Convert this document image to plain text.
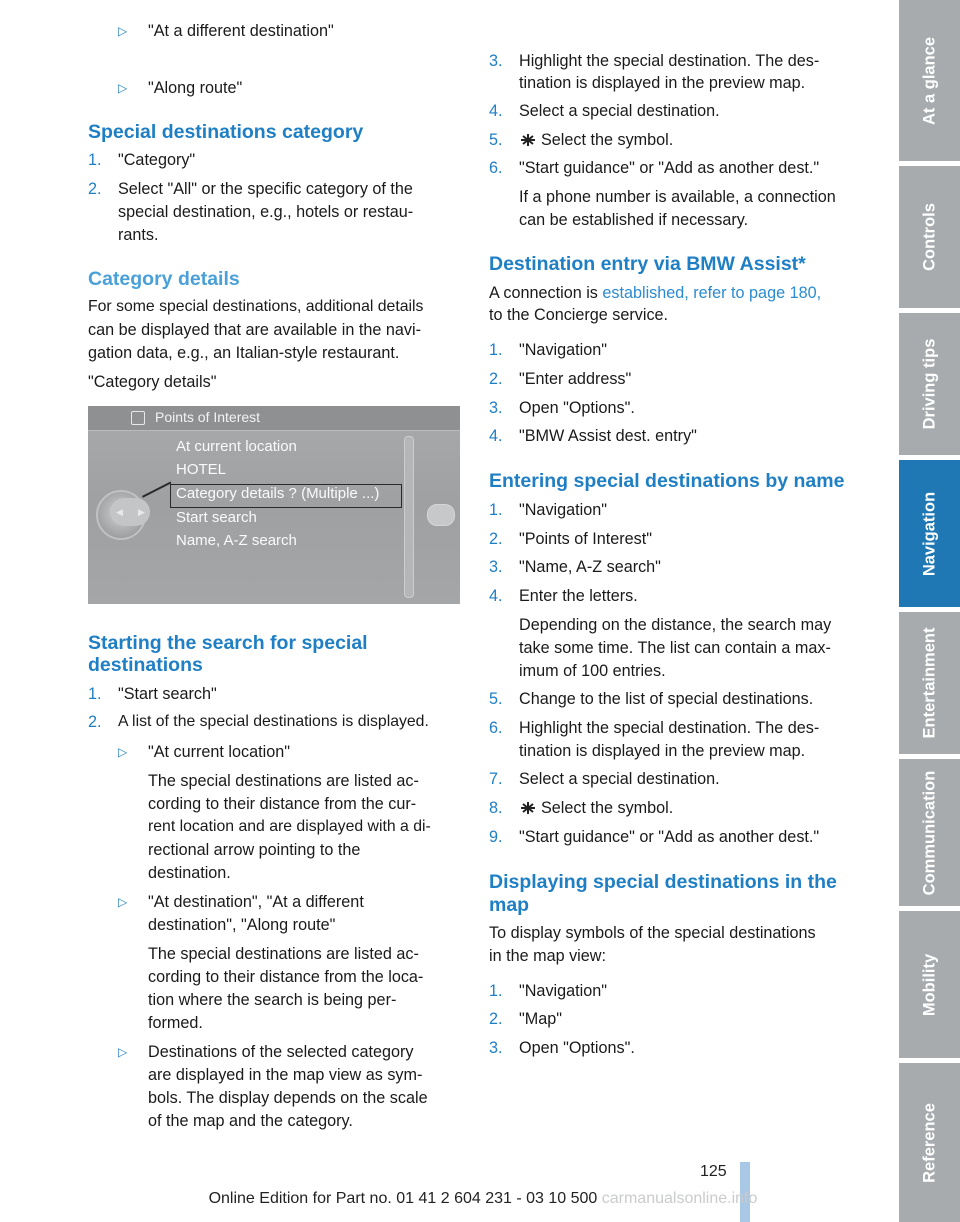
▷ "At a different destination"
▷ "Along route"
Special destinations category
1. "Category"
2. Select "All" or the specific category of the
special destination, e.g., hotels or restau-
rants.
Category details
For some special destinations, additional details
can be displayed that are available in the navi-
gation data, e.g., an Italian-style restaurant.
"Category details"
Points of Interest
At current location
HOTEL
Category details ? (Multiple ...)
Start search
Name, A-Z search
◀ ▶
Starting the search for special
destinations
1. "Start search"
2. A list of the special destinations is displayed.
▷ "At current location"
The special destinations are listed ac-
cording to their distance from the cur-
rent location and are displayed with a di-
rectional arrow pointing to the
destination.
▷ "At destination", "At a different
destination", "Along route"
The special destinations are listed ac-
cording to their distance from the loca-
tion where the search is being per-
formed.
▷ Destinations of the selected category
are displayed in the map view as sym-
bols. The display depends on the scale
of the map and the category.
3. Highlight the special destination. The des-
tination is displayed in the preview map.
4. Select a special destination.
5.	Select the symbol.
6. "Start guidance" or "Add as another dest."
If a phone number is available, a connection
can be established if necessary.
Destination entry via BMW Assist*
A connection is established, refer to page 180,
to the Concierge service.
1. "Navigation"
2. "Enter address"
3. Open "Options".
4. "BMW Assist dest. entry"
Entering special destinations by name
1. "Navigation"
2. "Points of Interest"
3. "Name, A-Z search"
4. Enter the letters.
Depending on the distance, the search may
take some time. The list can contain a max-
imum of 100 entries.
5. Change to the list of special destinations.
6. Highlight the special destination. The des-
tination is displayed in the preview map.
7. Select a special destination.
8.	Select the symbol.
9. "Start guidance" or "Add as another dest."
Displaying special destinations in the
map
To display symbols of the special destinations
in the map view:
1. "Navigation"
2. "Map"
3. Open "Options".
At a glance
Controls
Driving tips
Navigation
Entertainment
Communication
Mobility
Reference
125
Online Edition for Part no. 01 41 2 604 231 - 03 10 500 carmanualsonline.info
